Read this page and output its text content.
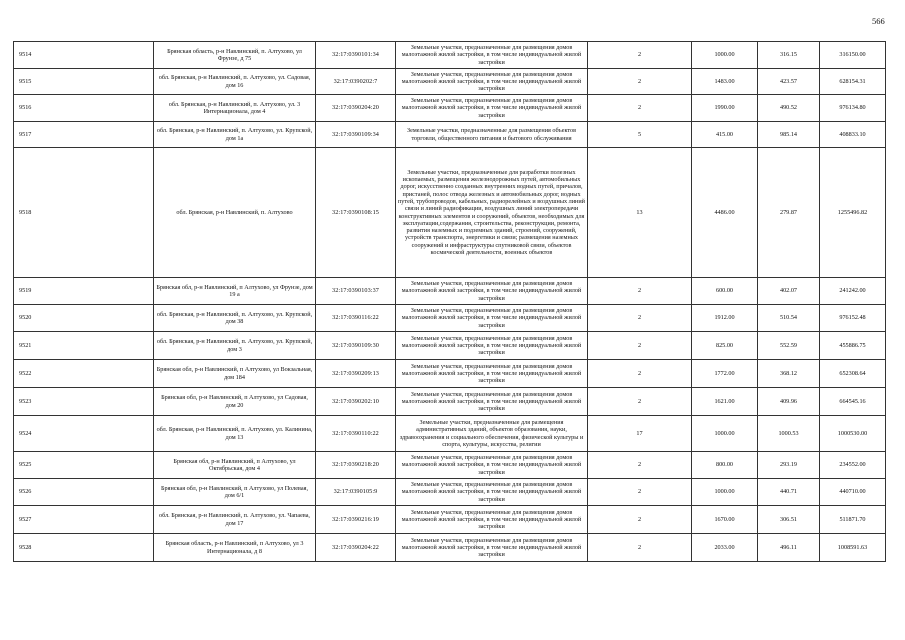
566
9514	Брянская область, р-н Навлинский, п. Алтухово, ул Фрунзе, д 75	32:17:0390101:34	Земельные участки, предназначенные для размещения домов малоэтажной жилой застройки, в том числе индивидуальной жилой застройки	2	1000.00	316.15	316150.00
9515	обл. Брянская, р-н Навлинский, п. Алтухово, ул. Садовая, дом 16	32:17:0390202:7	Земельные участки, предназначенные для размещения домов малоэтажной жилой застройки, в том числе индивидуальной жилой застройки	2	1483.00	423.57	628154.31
9516	обл. Брянская, р-н Навлинский, п. Алтухово, ул. 3 Интернационала, дом 4	32:17:0390204:20	Земельные участки, предназначенные для размещения домов малоэтажной жилой застройки, в том числе индивидуальной жилой застройки	2	1990.00	490.52	976134.80
9517	обл. Брянская, р-н Навлинский, п. Алтухово, ул. Крупской, дом 1а	32:17:0390109:34	Земельные участки, предназначенные для размещения объектов торговли, общественного питания и бытового обслуживания	5	415.00	985.14	408833.10
9518	обл. Брянская, р-н Навлинский, п. Алтухово	32:17:0390108:15	Земельные участки, предназначенные для разработки полезных ископаемых, размещения железнодорожных путей, автомобильных дорог, искусственно созданных внутренних водных путей, причалов, пристаней, полос отвода железных и автомобильных дорог, водных путей, трубопроводов, кабельных, радиорелейных и воздушных линий связи и линий радиофикации, воздушных линий электропередачи конструктивных элементов и сооружений, объектов, необходимых для эксплуатации,содержания, строительства, реконструкции, ремонта, развития наземных и подземных зданий, строений, сооружений, устройств транспорта, энергетики и связи; размещения наземных сооружений и инфраструктуры спутниковой связи, объектов космической деятельности, военных объектов	13	4486.00	279.87	1255496.82
9519	Брянская обл, р-н Навлинский, п Алтухово, ул Фрунзе, дом 19 а	32:17:0390103:37	Земельные участки, предназначенные для размещения домов малоэтажной жилой застройки, в том числе индивидуальной жилой застройки	2	600.00	402.07	241242.00
9520	обл. Брянская, р-н Навлинский, п. Алтухово, ул. Крупской, дом 38	32:17:0390116:22	Земельные участки, предназначенные для размещения домов малоэтажной жилой застройки, в том числе индивидуальной жилой застройки	2	1912.00	510.54	976152.48
9521	обл. Брянская, р-н Навлинский, п. Алтухово, ул. Крупской, дом 3	32:17:0390109:30	Земельные участки, предназначенные для размещения домов малоэтажной жилой застройки, в том числе индивидуальной жилой застройки	2	825.00	552.59	455886.75
9522	Брянская обл, р-н Навлинский, п Алтухово, ул Вокзальная, дом 184	32:17:0390209:13	Земельные участки, предназначенные для размещения домов малоэтажной жилой застройки, в том числе индивидуальной жилой застройки	2	1772.00	368.12	652308.64
9523	Брянская обл, р-н Навлинский, п Алтухово, ул Садовая, дом 20	32:17:0390202:10	Земельные участки, предназначенные для размещения домов малоэтажной жилой застройки, в том числе индивидуальной жилой застройки	2	1621.00	409.96	664545.16
9524	обл. Брянская, р-н Навлинский, п. Алтухово, ул. Калинина, дом 13	32:17:0390110:22	Земельные участки, предназначенные для размещения административных зданий, объектов образования, науки, здравоохранения и социального обеспечения, физической культуры и спорта, культуры, искусства, религии	17	1000.00	1000.53	1000530.00
9525	Брянская обл, р-н Навлинский, п Алтухово, ул Октябрьская, дом 4	32:17:0390218:20	Земельные участки, предназначенные для размещения домов малоэтажной жилой застройки, в том числе индивидуальной жилой застройки	2	800.00	293.19	234552.00
9526	Брянская обл, р-н Навлинский, п Алтухово, ул Полевая, дом 6/1	32:17:0390105:9	Земельные участки, предназначенные для размещения домов малоэтажной жилой застройки, в том числе индивидуальной жилой застройки	2	1000.00	440.71	440710.00
9527	обл. Брянская, р-н Навлинский, п. Алтухово, ул. Чапаева, дом 17	32:17:0390216:19	Земельные участки, предназначенные для размещения домов малоэтажной жилой застройки, в том числе индивидуальной жилой застройки	2	1670.00	306.51	511871.70
9528	Брянская область, р-н Навлинский, п Алтухово, ул 3 Интернационала, д 8	32:17:0390204:22	Земельные участки, предназначенные для размещения домов малоэтажной жилой застройки, в том числе индивидуальной жилой застройки	2	2033.00	496.11	1008591.63
